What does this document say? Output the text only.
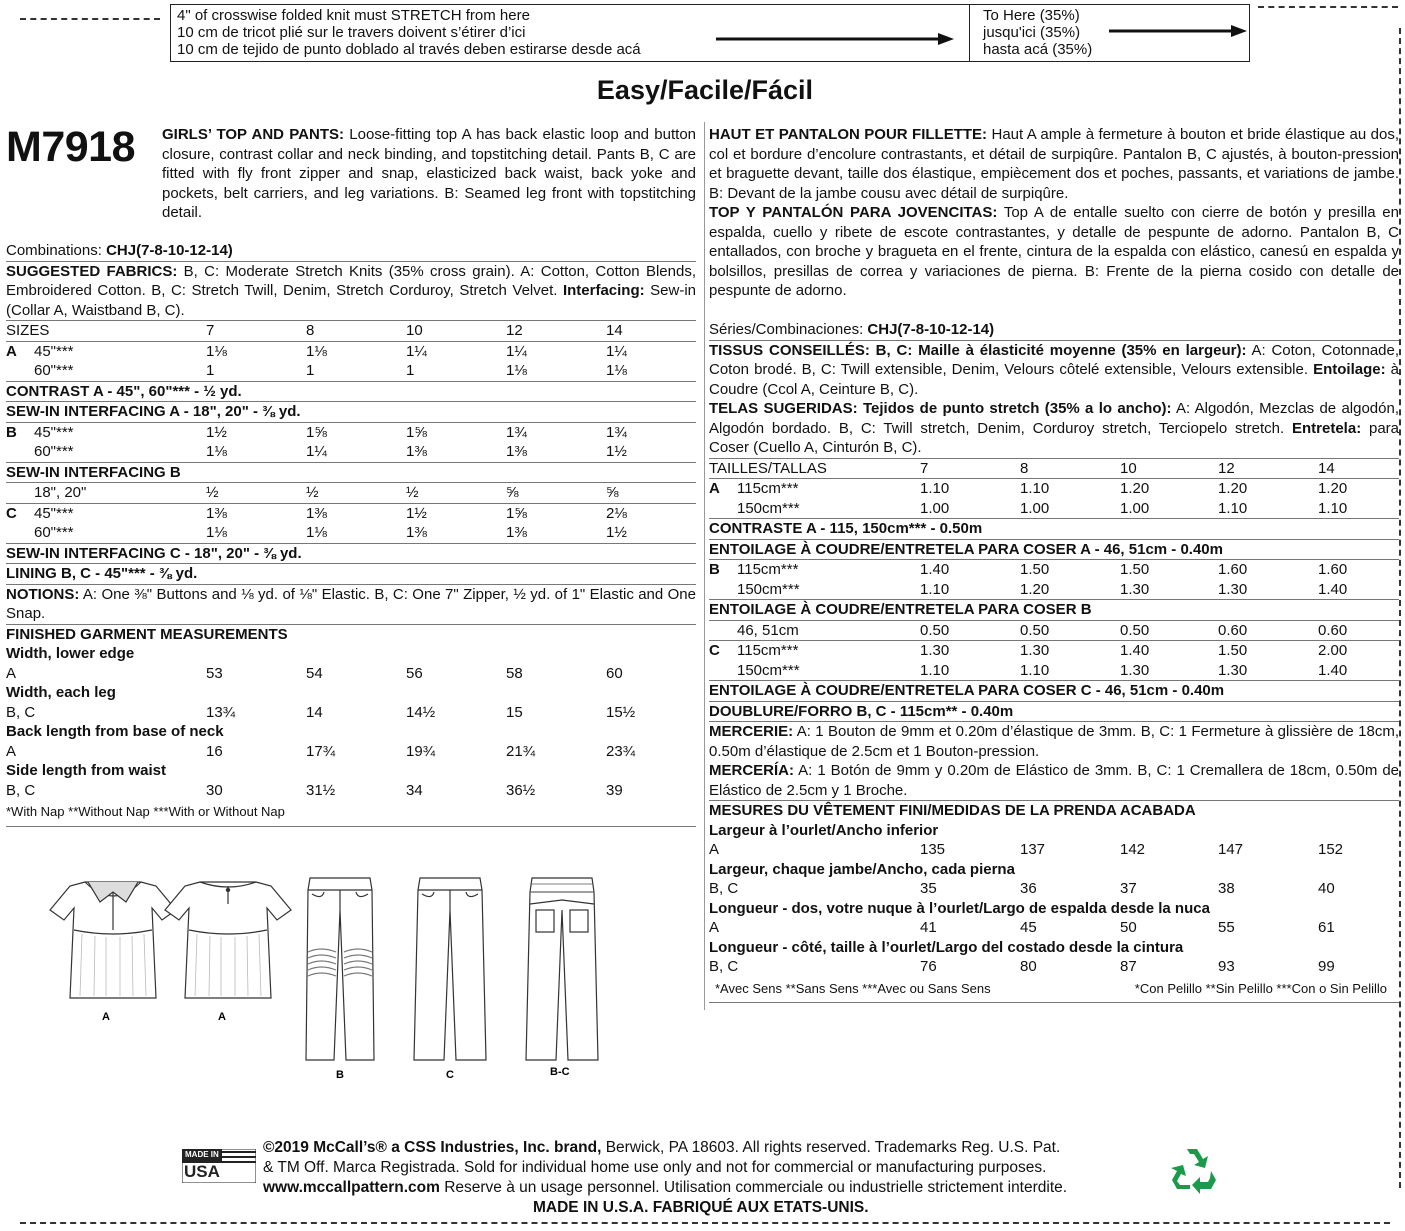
4" of crosswise folded knit must STRETCH from here
10 cm de tricot plié sur le travers doivent s’étirer d’ici
10 cm de tejido de punto doblado al través deben estirarse desde acá
To Here (35%)
jusqu'ici (35%)
hasta acá (35%)
Easy/Facile/Fácil
M7918 GIRLS’ TOP AND PANTS: Loose-fitting top A has back elastic loop and button closure, contrast collar and neck binding, and topstitching detail. Pants B, C are fitted with fly front zipper and snap, elasticized back waist, back yoke and pockets, belt carriers, and leg variations. B: Seamed leg front with topstitching detail.
Combinations: CHJ(7-8-10-12-14)
SUGGESTED FABRICS: B, C: Moderate Stretch Knits (35% cross grain). A: Cotton, Cotton Blends, Embroidered Cotton. B, C: Stretch Twill, Denim, Stretch Corduroy, Stretch Velvet. Interfacing: Sew-in (Collar A, Waistband B, C).
SIZES	7	8	10	12	14
A	45"***	1⅛	1⅛	1¼	1¼	1¼
60"***	1	1	1	1⅛	1⅛
CONTRAST A - 45", 60"*** - ½ yd.
SEW-IN INTERFACING A - 18", 20" - ⅜ yd.
B	45"***	1½	1⅝	1⅝	1¾	1¾
60"***	1⅛	1¼	1⅜	1⅜	1½
SEW-IN INTERFACING B
18", 20"	½	½	½	⅝	⅝
C	45"***	1⅜	1⅜	1½	1⅝	2⅛
60"***	1⅛	1⅛	1⅜	1⅜	1½
SEW-IN INTERFACING C - 18", 20" - ⅜ yd.
LINING B, C - 45"*** - ⅜ yd.
NOTIONS: A: One ⅜" Buttons and ⅛ yd. of ⅛" Elastic. B, C: One 7" Zipper, ½ yd. of 1" Elastic and One Snap.
FINISHED GARMENT MEASUREMENTS
Width, lower edge
A	53	54	56	58	60
Width, each leg
B, C	13¾	14	14½	15	15½
Back length from base of neck
A	16	17¾	19¾	21¾	23¾
Side length from waist
B, C	30	31½	34	36½	39
*With Nap **Without Nap ***With or Without Nap
HAUT ET PANTALON POUR FILLETTE: Haut A ample à fermeture à bouton et bride élastique au dos, col et bordure d’encolure contrastants, et détail de surpiqûre. Pantalon B, C ajustés, à bouton-pression et braguette devant, taille dos élastique, empiècement dos et poches, passants, et variations de jambe. B: Devant de la jambe cousu avec détail de surpiqûre.
TOP Y PANTALÓN PARA JOVENCITAS: Top A de entalle suelto con cierre de botón y presilla en espalda, cuello y ribete de escote contrastantes, y detalle de pespunte de adorno. Pantalon B, C entallados, con broche y bragueta en el frente, cintura de la espalda con elástico, canesú en espalda y bolsillos, presillas de correa y variaciones de pierna. B: Frente de la pierna cosido con detalle de pespunte de adorno.
Séries/Combinaciones: CHJ(7-8-10-12-14)
TISSUS CONSEILLÉS: B, C: Maille à élasticité moyenne (35% en largeur): A: Coton, Cotonnade, Coton brodé. B, C: Twill extensible, Denim, Velours côtelé extensible, Velours extensible. Entoilage: à Coudre (Ccol A, Ceinture B, C).
TELAS SUGERIDAS: Tejidos de punto stretch (35% a lo ancho): A: Algodón, Mezclas de algodón, Algodón bordado. B, C: Twill stretch, Denim, Corduroy stretch, Terciopelo stretch. Entretela: para Coser (Cuello A, Cinturón B, C).
TAILLES/TALLAS	7	8	10	12	14
A	115cm***	1.10	1.10	1.20	1.20	1.20
150cm***	1.00	1.00	1.00	1.10	1.10
CONTRASTE A - 115, 150cm*** - 0.50m
ENTOILAGE À COUDRE/ENTRETELA PARA COSER A - 46, 51cm - 0.40m
B	115cm***	1.40	1.50	1.50	1.60	1.60
150cm***	1.10	1.20	1.30	1.30	1.40
ENTOILAGE À COUDRE/ENTRETELA PARA COSER B
46, 51cm	0.50	0.50	0.50	0.60	0.60
C	115cm***	1.30	1.30	1.40	1.50	2.00
150cm***	1.10	1.10	1.30	1.30	1.40
ENTOILAGE À COUDRE/ENTRETELA PARA COSER C - 46, 51cm - 0.40m
DOUBLURE/FORRO B, C - 115cm** - 0.40m
MERCERIE: A: 1 Bouton de 9mm et 0.20m d’élastique de 3mm. B, C: 1 Fermeture à glissière de 18cm, 0.50m d’élastique de 2.5cm et 1 Bouton-pression.
MERCERÍA: A: 1 Botón de 9mm y 0.20m de Elástico de 3mm. B, C: 1 Cremallera de 18cm, 0.50m de Elástico de 2.5cm y 1 Broche.
MESURES DU VÊTEMENT FINI/MEDIDAS DE LA PRENDA ACABADA
Largeur à l’ourlet/Ancho inferior
A	135	137	142	147	152
Largeur, chaque jambe/Ancho, cada pierna
B, C	35	36	37	38	40
Longueur - dos, votre nuque à l’ourlet/Largo de espalda desde la nuca
A	41	45	50	55	61
Longueur - côté, taille à l’ourlet/Largo del costado desde la cintura
B, C	76	80	87	93	99
*Avec Sens **Sans Sens ***Avec ou Sans Sens	*Con Pelillo **Sin Pelillo ***Con o Sin Pelillo
A	A
B	C	B-C
MADE IN
USA
©2019 McCall’s® a CSS Industries, Inc. brand, Berwick, PA 18603. All rights reserved. Trademarks Reg. U.S. Pat.
& TM Off. Marca Registrada. Sold for individual home use only and not for commercial or manufacturing purposes.
www.mccallpattern.com Reserve à un usage personnel. Utilisation commerciale ou industrielle strictement interdite.
MADE IN U.S.A. FABRIQUÉ AUX ETATS-UNIS.
